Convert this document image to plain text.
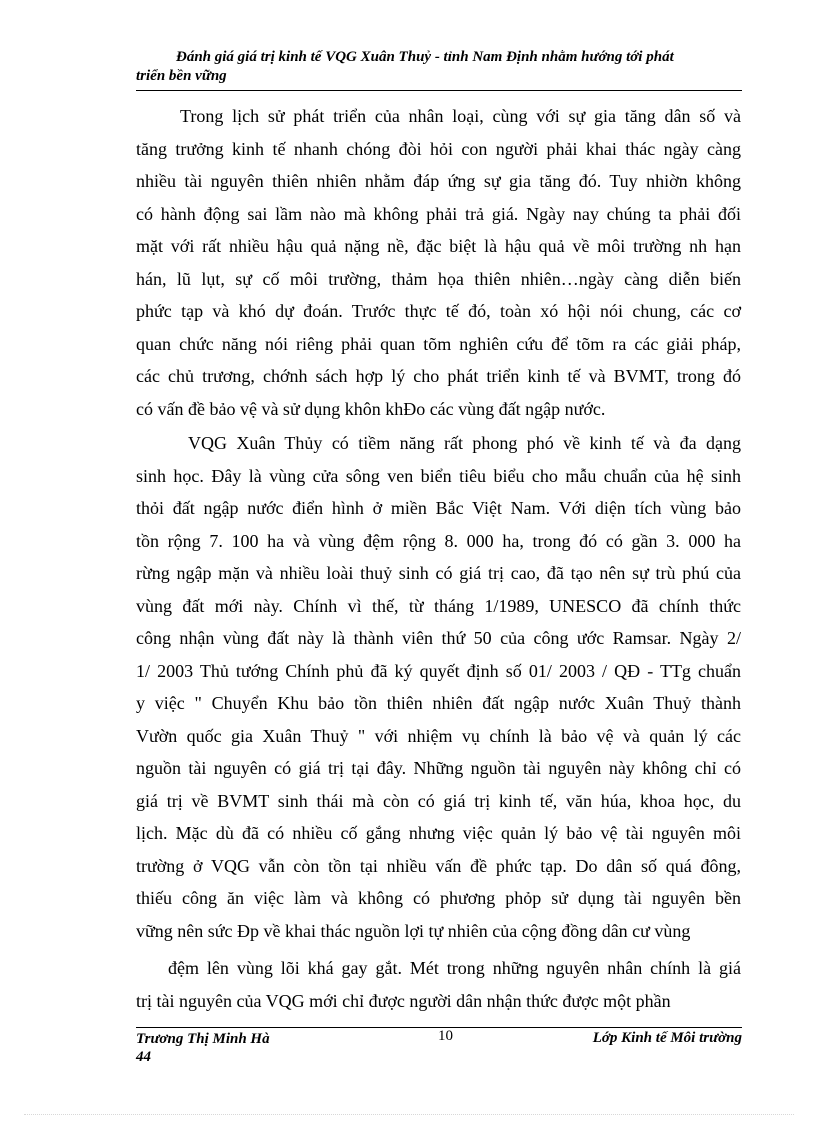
Đánh giá giá trị kinh tế VQG Xuân Thuỷ - tỉnh Nam Định nhằm hướng tới phát
triển bền vững
Trong lịch sử phát triển của nhân loại, cùng với sự gia tăng dân số và
tăng trưởng kinh tế nhanh chóng đòi hỏi con người phải khai thác ngày càng
nhiều tài nguyên thiên nhiên nhằm đáp ứng sự gia tăng đó. Tuy nhiờn không
có hành động sai lầm nào mà không phải trả giá. Ngày nay chúng ta phải đối
mặt với rất nhiều hậu quả nặng nề, đặc biệt là hậu quả về môi trường nh hạn
hán, lũ lụt, sự cố môi trường, thảm họa thiên nhiên…ngày càng diễn biến
phức tạp và khó dự đoán. Trước thực tế đó, toàn xó hội nói chung, các cơ
quan chức năng nói riêng phải quan tõm nghiên cứu để tõm ra các giải pháp,
các chủ trương, chớnh sách hợp lý cho phát triển kinh tế và BVMT, trong đó
có vấn đề bảo vệ và sử dụng khôn khĐo các vùng đất ngập nước.
VQG Xuân Thủy có tiềm năng rất phong phó về kinh tế và đa dạng
sinh học. Đây là vùng cửa sông ven biển tiêu biểu cho mẫu chuẩn của hệ sinh
thỏi đất ngập nước điển hình ở miền Bắc Việt Nam. Với diện tích vùng bảo
tồn rộng 7. 100 ha và vùng đệm rộng 8. 000 ha, trong đó có gần 3. 000 ha
rừng ngập mặn và nhiều loài thuỷ sinh có giá trị cao, đã tạo nên sự trù phú của
vùng đất mới này. Chính vì thế, từ tháng 1/1989, UNESCO đã chính thức
công nhận vùng đất này là thành viên thứ 50 của công ước Ramsar. Ngày 2/
1/ 2003 Thủ tướng Chính phủ đã ký quyết định số 01/ 2003 / QĐ - TTg chuẩn
y việc " Chuyển Khu bảo tồn thiên nhiên đất ngập nước Xuân Thuỷ thành
Vườn quốc gia Xuân Thuỷ " với nhiệm vụ chính là bảo vệ và quản lý các
nguồn tài nguyên có giá trị tại đây. Những nguồn tài nguyên này không chỉ có
giá trị về BVMT sinh thái mà còn có giá trị kinh tế, văn húa, khoa học, du
lịch. Mặc dù đã có nhiều cố gắng nhưng việc quản lý bảo vệ tài nguyên môi
trường ở VQG vẫn còn tồn tại nhiều vấn đề phức tạp. Do dân số quá đông,
thiếu công ăn việc làm và không có phương phỏp sử dụng tài nguyên bền
vững nên sức Đp về khai thác nguồn lợi tự nhiên của cộng đồng dân cư vùng
đệm lên vùng lõi khá gay gắt. Mét trong những nguyên nhân chính là giá
trị tài nguyên của VQG mới chỉ được người dân nhận thức được một phần
Trương Thị Minh Hà
44
10	Lớp Kinh tế Môi trường
